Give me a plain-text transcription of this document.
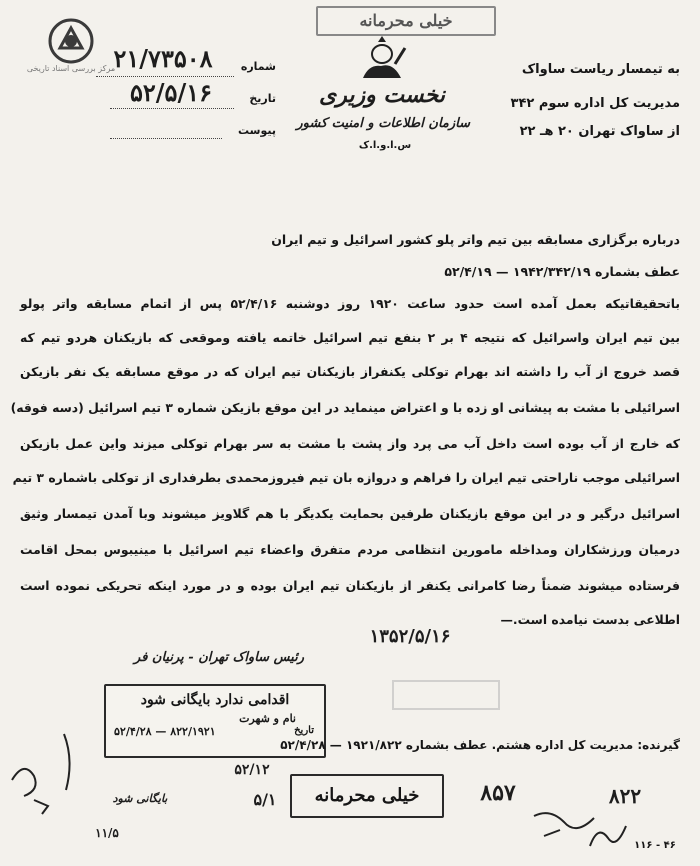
مرکز بررسی اسناد تاریخی
خیلی محرمانه
نخست وزیری
سازمان اطلاعات و امنیت کشور
س.ا.و.ا.ک
شماره
۲۱/۷۳۵۰۸
تاریخ
۵۲/۵/۱۶
پیوست
به تیمسار ریاست ساواک
مدیریت کل اداره سوم ۳۴۲
از ساواک تهران ۲۰ هـ ۲۲
درباره برگزاری مسابقه بین تیم واتر پلو کشور اسرائیل و تیم ایران
عطف بشماره ۱۹۴۲/۳۴۲/۱۹ — ۵۲/۴/۱۹
باتحقیقاتیکه بعمل آمده است حدود ساعت ۱۹۲۰ روز دوشنبه ۵۲/۴/۱۶ پس از اتمام مسابقه واتر پولو
بین تیم ایران واسرائیل که نتیجه ۴ بر ۲ بنفع تیم اسرائیل خاتمه یافته وموقعی که بازیکنان هردو تیم که
قصد خروج از آب را داشته اند بهرام توکلی یکنفراز بازیکنان تیم ایران که در موقع مسابقه یک نفر بازیکن
اسرائیلی با مشت به پیشانی او زده با و اعتراض مینماید در این موقع بازیکن شماره ۳ تیم اسرائیل (دسه فوقه)
که خارج از آب بوده است داخل آب می پرد واز پشت با مشت به سر بهرام توکلی میزند واین عمل بازیکن
اسرائیلی موجب ناراحتی تیم ایران را فراهم و دروازه بان تیم فیروزمحمدی بطرفداری از توکلی باشماره ۳ تیم
اسرائیل درگیر و در این موقع بازیکنان طرفین بحمایت یکدیگر با هم گلاویز میشوند وبا آمدن تیمسار وثیق
درمیان ورزشکاران ومداخله مامورین انتظامی مردم متفرق واعضاء تیم اسرائیل با مینیبوس بمحل اقامت
فرستاده میشوند ضمناً رضا کامرانی یکنفر از بازیکنان تیم ایران بوده و در مورد اینکه تحریکی نموده است
اطلاعی بدست نیامده است.—
۱۳۵۲/۵/۱۶
رئیس ساواک تهران - پرنیان فر
اقدامی ندارد بایگانی شود
نام و شهرت
۵۲/۴/۲۸ — ۸۲۲/۱۹۲۱	تاریخ
گیرنده: مدیریت کل اداره هشتم. عطف بشماره ۱۹۲۱/۸۲۲ — ۵۲/۴/۲۸
خیلی محرمانه	۸۵۷	۸۲۲
۵/۱
۵۲/۱۲
بایگانی شود
۱۱/۵
۱۱۶ - ۴۶
